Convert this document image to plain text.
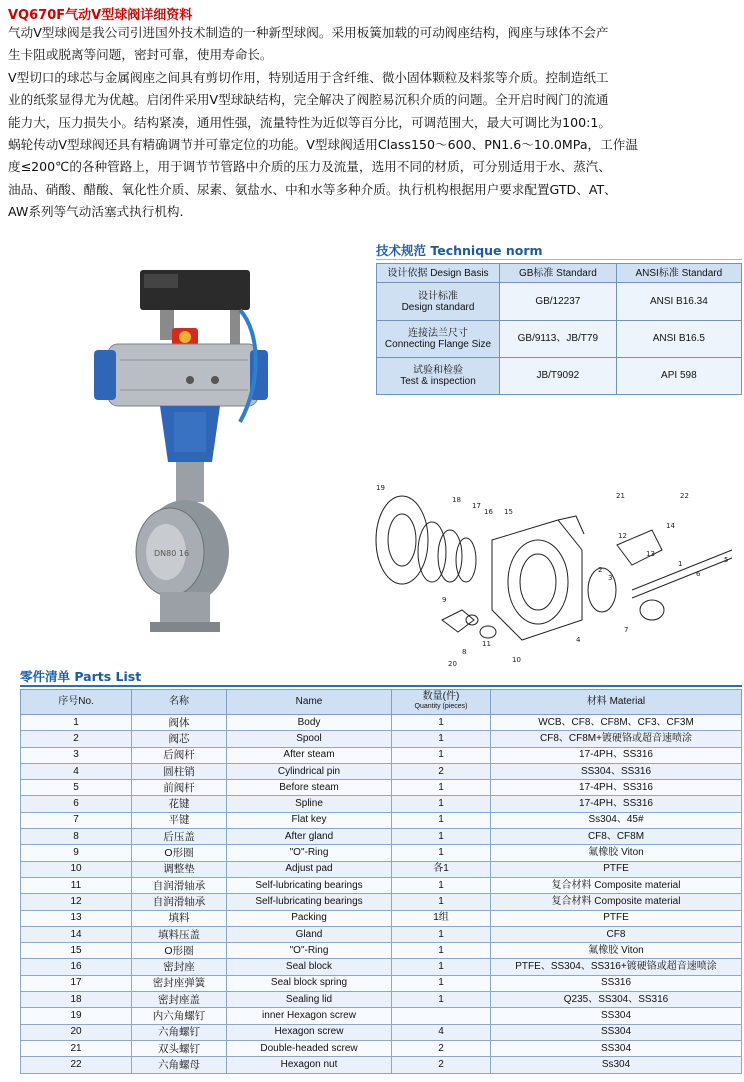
VQ670F气动V型球阀详细资料

气动V型球阀是我公司引进国外技术制造的一种新型球阀。采用板簧加载的可动阀座结构，阀座与球体不会产

生卡阻或脱离等问题，密封可靠，使用寿命长。

V型切口的球芯与金属阀座之间具有剪切作用，特别适用于含纤维、微小固体颗粒及料浆等介质。控制造纸工

业的纸浆显得尤为优越。启闭件采用V型球缺结构，完全解决了阀腔易沉积介质的问题。全开启时阀门的流通

能力大，压力损失小。结构紧凑，通用性强，流量特性为近似等百分比，可调范围大，最大可调比为100:1。

蜗轮传动V型球阀还具有精确调节并可靠定位的功能。V型球阀适用Class150～600、PN1.6～10.0MPa，工作温

度≤200℃的各种管路上，用于调节节管路中介质的压力及流量，选用不同的材质，可分别适用于水、蒸汽、

油品、硝酸、醋酸、氧化性介质、尿素、氨盐水、中和水等多种介质。执行机构根据用户要求配置GTD、AT、

AW系列等气动活塞式执行机构.

DN80 16
技术规范 Technique norm
设计依据 Design Basis	GB标准 Standard	ANSI标准 Standard
设计标准
Design standard	GB/12237	ANSI B16.34
连接法兰尺寸
Connecting Flange Size	GB/9113、JB/T79	ANSI B16.5
试验和检验
Test & inspection	JB/T9092	API 598
19
18
17
16 15
2
21	22
14
12
13
3	6
1
7
4
9
11
8
10
20
5
零件清单 Parts List
序号No.	名称	Name	数量(件)
Quantity (pieces)	材料 Material
1	阀体	Body	1	WCB、CF8、CF8M、CF3、CF3M
2	阀芯	Spool	1	CF8、CF8M+镀硬铬或超音速喷涂
3	后阀杆	After steam	1	17-4PH、SS316
4	圆柱销	Cylindrical pin	2	SS304、SS316
5	前阀杆	Before steam	1	17-4PH、SS316
6	花键	Spline	1	17-4PH、SS316
7	平键	Flat key	1	Ss304、45#
8	后压盖	After gland	1	CF8、CF8M
9	O形圈	"O"-Ring	1	氟橡胶 Viton
10	调整垫	Adjust pad	各1	PTFE
11	自润滑轴承	Self-lubricating bearings	1	复合材料 Composite material
12	自润滑轴承	Self-lubricating bearings	1	复合材料 Composite material
13	填料	Packing	1组	PTFE
14	填料压盖	Gland	1	CF8
15	O形圈	"O"-Ring	1	氟橡胶 Viton
16	密封座	Seal block	1	PTFE、SS304、SS316+镀硬铬或超音速喷涂
17	密封座弹簧	Seal block spring	1	SS316
18	密封座盖	Sealing lid	1	Q235、SS304、SS316
19	内六角螺钉	inner Hexagon screw		SS304
20	六角螺钉	Hexagon screw	4	SS304
21	双头螺钉	Double-headed screw	2	SS304
22	六角螺母	Hexagon nut	2	Ss304
